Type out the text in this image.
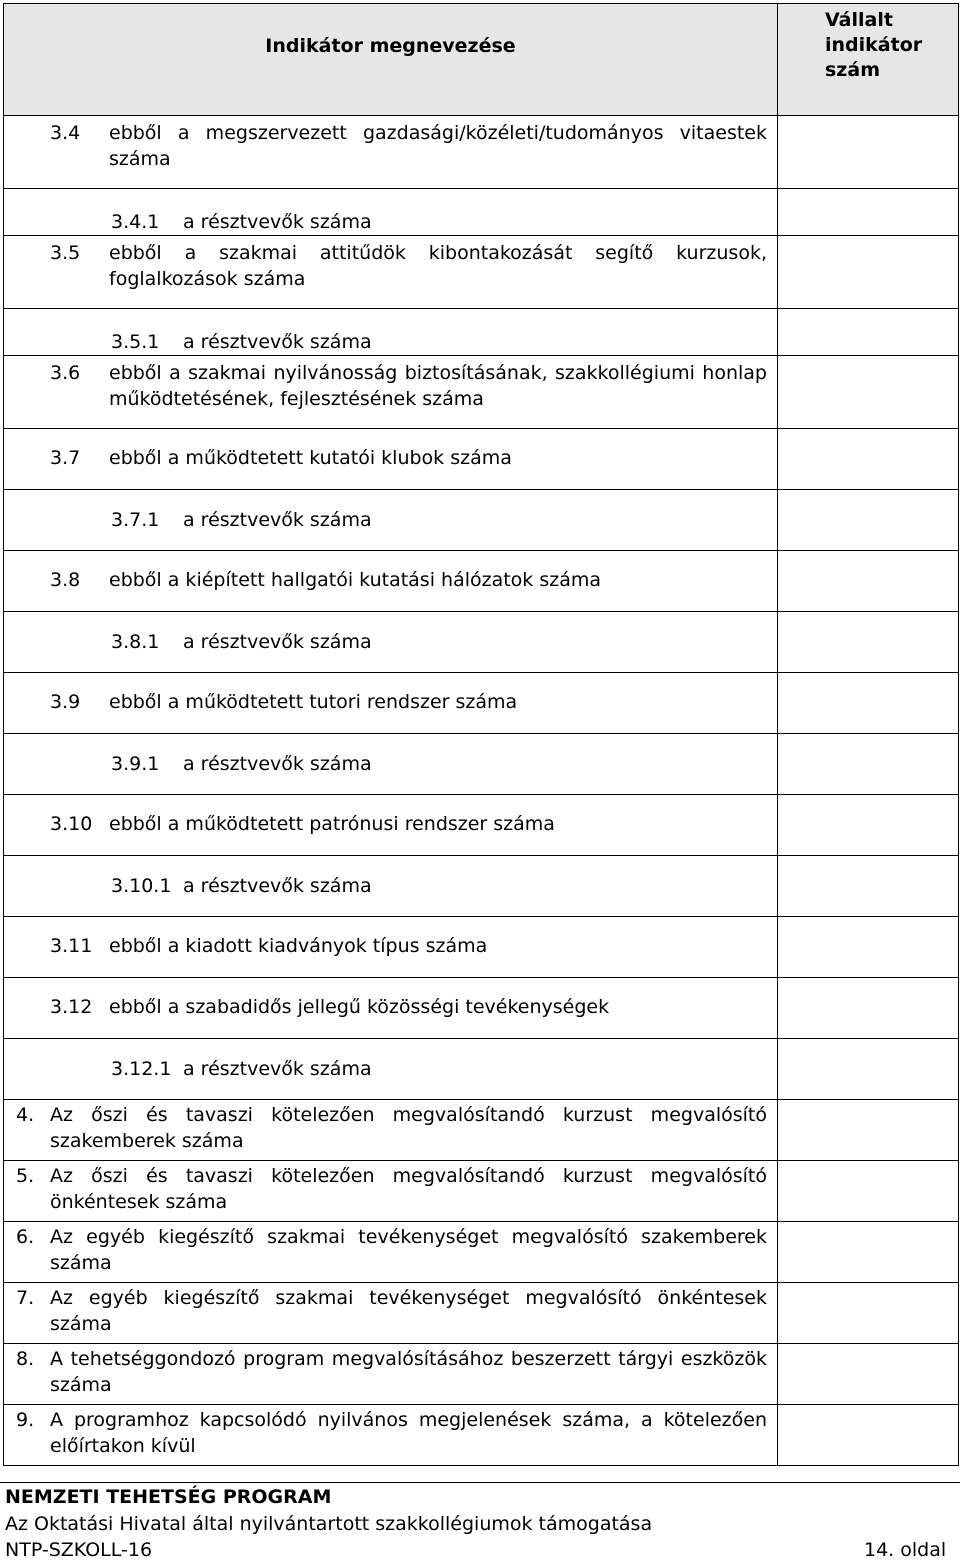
Indikátor megnevezése	Vállalt indikátor szám

3.4 ebből a megszervezett gazdasági/közéleti/tudományos vitaestek száma	

3.4.1 a résztvevők száma	

3.5 ebből a szakmai attitűdök kibontakozását segítő kurzusok, foglalkozások száma	

3.5.1 a résztvevők száma	

3.6 ebből a szakmai nyilvánosság biztosításának, szakkollégiumi honlap működtetésének, fejlesztésének száma	

3.7 ebből a működtetett kutatói klubok száma	

3.7.1 a résztvevők száma	

3.8 ebből a kiépített hallgatói kutatási hálózatok száma	

3.8.1 a résztvevők száma	

3.9 ebből a működtetett tutori rendszer száma	

3.9.1 a résztvevők száma	

3.10 ebből a működtetett patrónusi rendszer száma	

3.10.1 a résztvevők száma	

3.11 ebből a kiadott kiadványok típus száma	

3.12 ebből a szabadidős jellegű közösségi tevékenységek	

3.12.1 a résztvevők száma	

4. Az őszi és tavaszi kötelezően megvalósítandó kurzust megvalósító szakemberek száma	

5. Az őszi és tavaszi kötelezően megvalósítandó kurzust megvalósító önkéntesek száma	

6. Az egyéb kiegészítő szakmai tevékenységet megvalósító szakemberek száma	

7. Az egyéb kiegészítő szakmai tevékenységet megvalósító önkéntesek száma	

8. A tehetséggondozó program megvalósításához beszerzett tárgyi eszközök száma	

9. A programhoz kapcsolódó nyilvános megjelenések száma, a kötelezően előírtakon kívül	

NEMZETI TEHETSÉG PROGRAM
Az Oktatási Hivatal által nyilvántartott szakkollégiumok támogatása
NTP-SZKOLL-16	14. oldal
